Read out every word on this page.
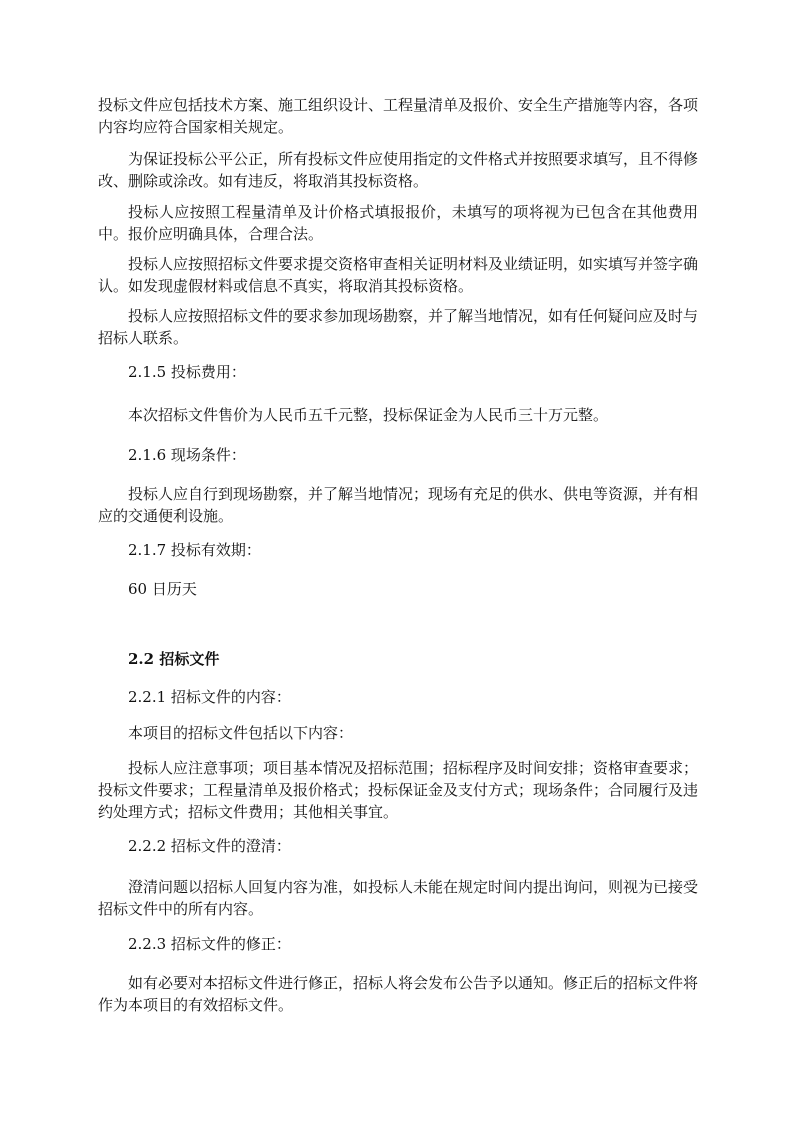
投标文件应包括技术方案、施工组织设计、工程量清单及报价、安全生产措施等内容，各项内容均应符合国家相关规定。

为保证投标公平公正，所有投标文件应使用指定的文件格式并按照要求填写，且不得修改、删除或涂改。如有违反，将取消其投标资格。

投标人应按照工程量清单及计价格式填报报价，未填写的项将视为已包含在其他费用中。报价应明确具体，合理合法。

投标人应按照招标文件要求提交资格审查相关证明材料及业绩证明，如实填写并签字确认。如发现虚假材料或信息不真实，将取消其投标资格。

投标人应按照招标文件的要求参加现场勘察，并了解当地情况，如有任何疑问应及时与招标人联系。

2.1.5 投标费用：

本次招标文件售价为人民币五千元整，投标保证金为人民币三十万元整。

2.1.6 现场条件：

投标人应自行到现场勘察，并了解当地情况；现场有充足的供水、供电等资源，并有相应的交通便利设施。

2.1.7 投标有效期：

60 日历天

2.2 招标文件

2.2.1 招标文件的内容：

本项目的招标文件包括以下内容：

投标人应注意事项；项目基本情况及招标范围；招标程序及时间安排；资格审查要求；投标文件要求；工程量清单及报价格式；投标保证金及支付方式；现场条件；合同履行及违约处理方式；招标文件费用；其他相关事宜。

2.2.2 招标文件的澄清：

澄清问题以招标人回复内容为准，如投标人未能在规定时间内提出询问，则视为已接受招标文件中的所有内容。

2.2.3 招标文件的修正：

如有必要对本招标文件进行修正，招标人将会发布公告予以通知。修正后的招标文件将作为本项目的有效招标文件。
